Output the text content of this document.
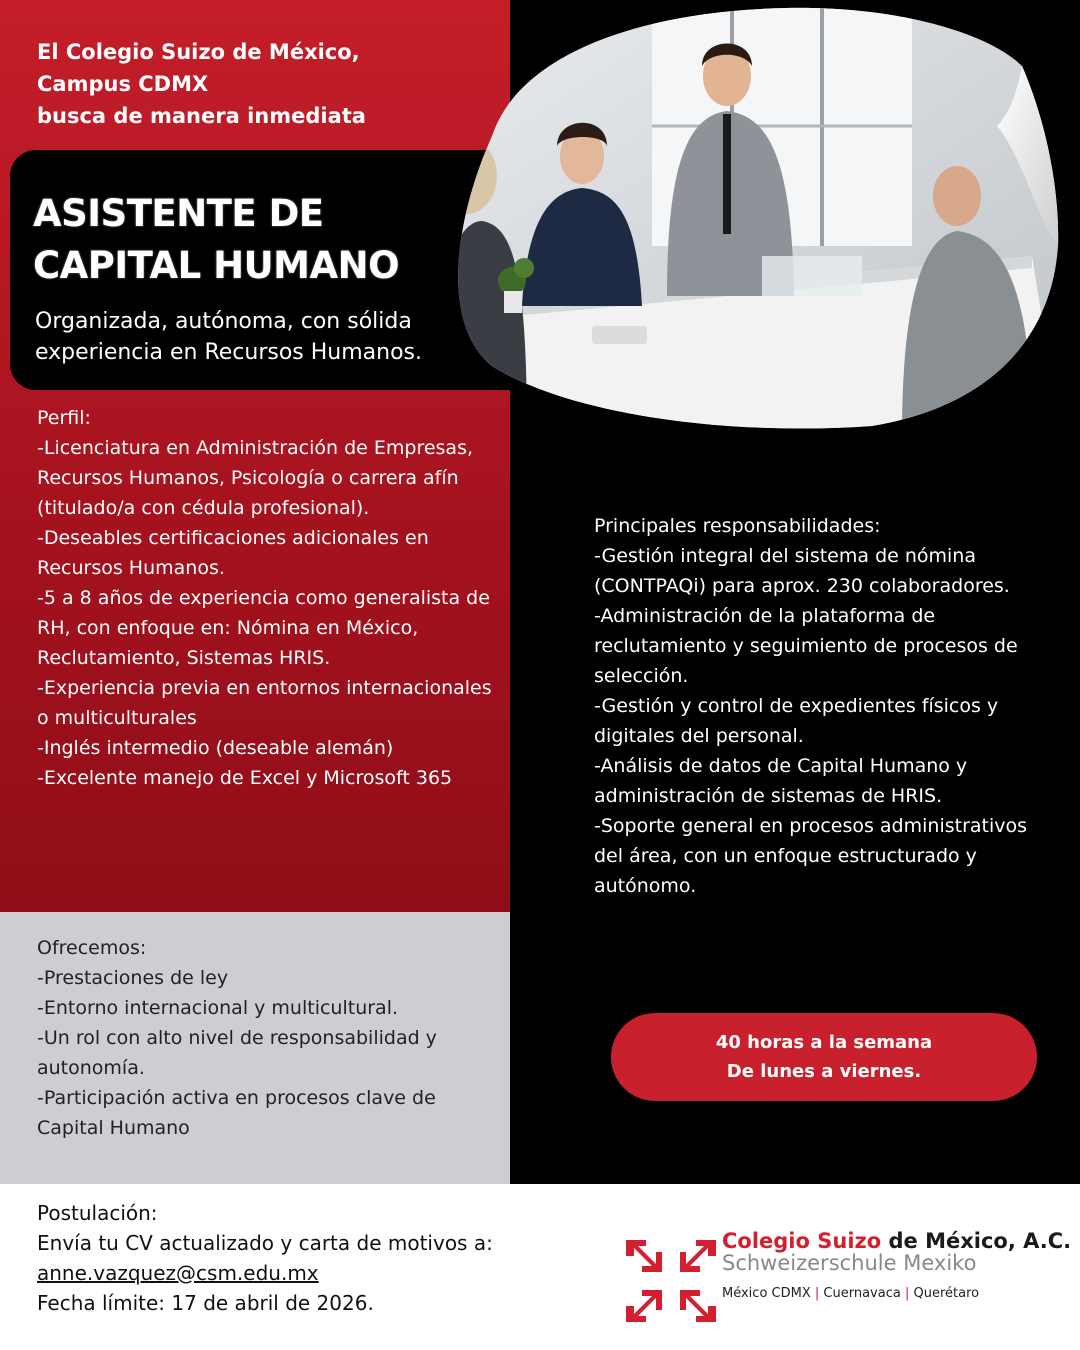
El Colegio Suizo de México,
Campus CDMX
busca de manera inmediata
ASISTENTE DE
CAPITAL HUMANO
Organizada, autónoma, con sólida
experiencia en Recursos Humanos.
Perfil:
-Licenciatura en Administración de Empresas, Recursos Humanos, Psicología o carrera afín (titulado/a con cédula profesional).
-Deseables certificaciones adicionales en Recursos Humanos.
-5 a 8 años de experiencia como generalista de RH, con enfoque en: Nómina en México, Reclutamiento, Sistemas HRIS.
-Experiencia previa en entornos internacionales o multiculturales
-Inglés intermedio (deseable alemán)
-Excelente manejo de Excel y Microsoft 365
Principales responsabilidades:
-Gestión integral del sistema de nómina (CONTPAQi) para aprox. 230 colaboradores.
-Administración de la plataforma de reclutamiento y seguimiento de procesos de selección.
-Gestión y control de expedientes físicos y digitales del personal.
-Análisis de datos de Capital Humano y administración de sistemas de HRIS.
-Soporte general en procesos administrativos del área, con un enfoque estructurado y autónomo.
Ofrecemos:
-Prestaciones de ley
-Entorno internacional y multicultural.
-Un rol con alto nivel de responsabilidad y autonomía.
-Participación activa en procesos clave de Capital Humano
40 horas a la semana
De lunes a viernes.
Postulación:
Envía tu CV actualizado y carta de motivos a:
anne.vazquez@csm.edu.mx
Fecha límite: 17 de abril de 2026.
Colegio Suizo de México, A.C.
Schweizerschule Mexiko
México CDMX | Cuernavaca | Querétaro
